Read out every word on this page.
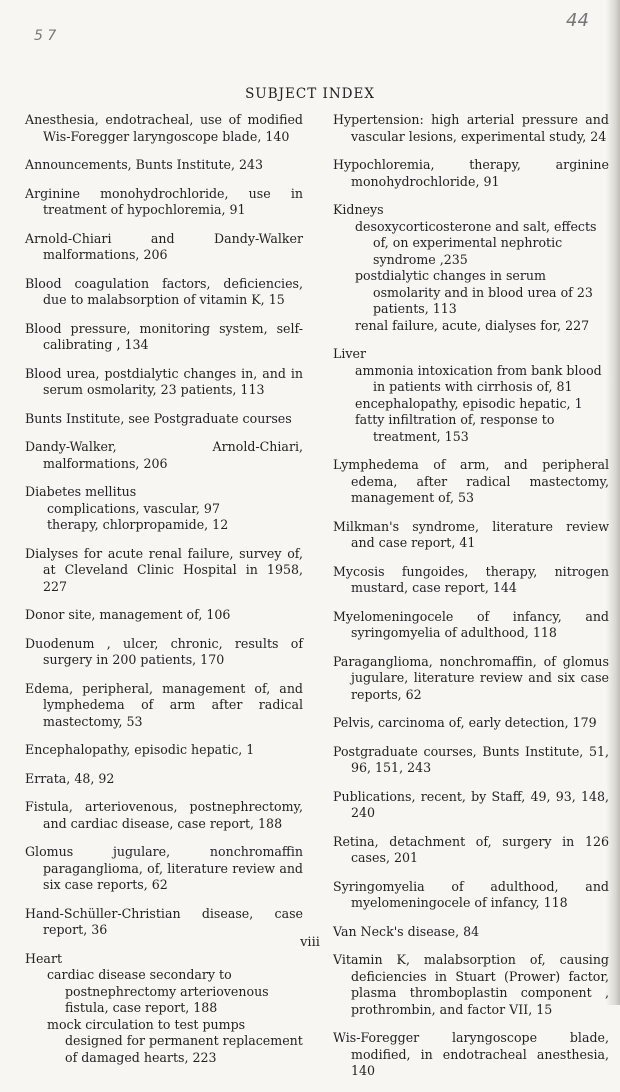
5 7
44
SUBJECT INDEX
Anesthesia, endotracheal, use of modified Wis-Foregger laryngoscope blade, 140
Announcements, Bunts Institute, 243
Arginine monohydrochloride, use in treatment of hypochloremia, 91
Arnold-Chiari and Dandy-Walker malformations, 206
Blood coagulation factors, deficiencies, due to malabsorption of vitamin K, 15
Blood pressure, monitoring system, self-calibrating , 134
Blood urea, postdialytic changes in, and in serum osmolarity, 23 patients, 113
Bunts Institute, see Postgraduate courses
Dandy-Walker, Arnold-Chiari, malformations, 206
Diabetes mellitus
complications, vascular, 97
therapy, chlorpropamide, 12
Dialyses for acute renal failure, survey of, at Cleveland Clinic Hospital in 1958, 227
Donor site, management of, 106
Duodenum , ulcer, chronic, results of surgery in 200 patients, 170
Edema, peripheral, management of, and lymphedema of arm after radical mastectomy, 53
Encephalopathy, episodic hepatic, 1
Errata, 48, 92
Fistula, arteriovenous, postnephrectomy, and cardiac disease, case report, 188
Glomus jugulare, nonchromaffin paraganglioma, of, literature review and six case reports, 62
Hand-Schüller-Christian disease, case report, 36
Heart
cardiac disease secondary to postnephrectomy arteriovenous fistula, case report, 188
mock circulation to test pumps designed for permanent replacement of damaged hearts, 223
Hypertension: high arterial pressure and vascular lesions, experimental study, 24
Hypochloremia, therapy, arginine monohydrochloride, 91
Kidneys
desoxycorticosterone and salt, effects of, on experimental nephrotic syndrome ,235
postdialytic changes in serum osmolarity and in blood urea of 23 patients, 113
renal failure, acute, dialyses for, 227
Liver
ammonia intoxication from bank blood in patients with cirrhosis of, 81
encephalopathy, episodic hepatic, 1
fatty infiltration of, response to treatment, 153
Lymphedema of arm, and peripheral edema, after radical mastectomy, management of, 53
Milkman's syndrome, literature review and case report, 41
Mycosis fungoides, therapy, nitrogen mustard, case report, 144
Myelomeningocele of infancy, and syringomyelia of adulthood, 118
Paraganglioma, nonchromaffin, of glomus jugulare, literature review and six case reports, 62
Pelvis, carcinoma of, early detection, 179
Postgraduate courses, Bunts Institute, 51, 96, 151, 243
Publications, recent, by Staff, 49, 93, 148, 240
Retina, detachment of, surgery in 126 cases, 201
Syringomyelia of adulthood, and myelomeningocele of infancy, 118
Van Neck's disease, 84
Vitamin K, malabsorption of, causing deficiencies in Stuart (Prower) factor, plasma thromboplastin component , prothrombin, and factor VII, 15
Wis-Foregger laryngoscope blade, modified, in endotracheal anesthesia, 140
viii
